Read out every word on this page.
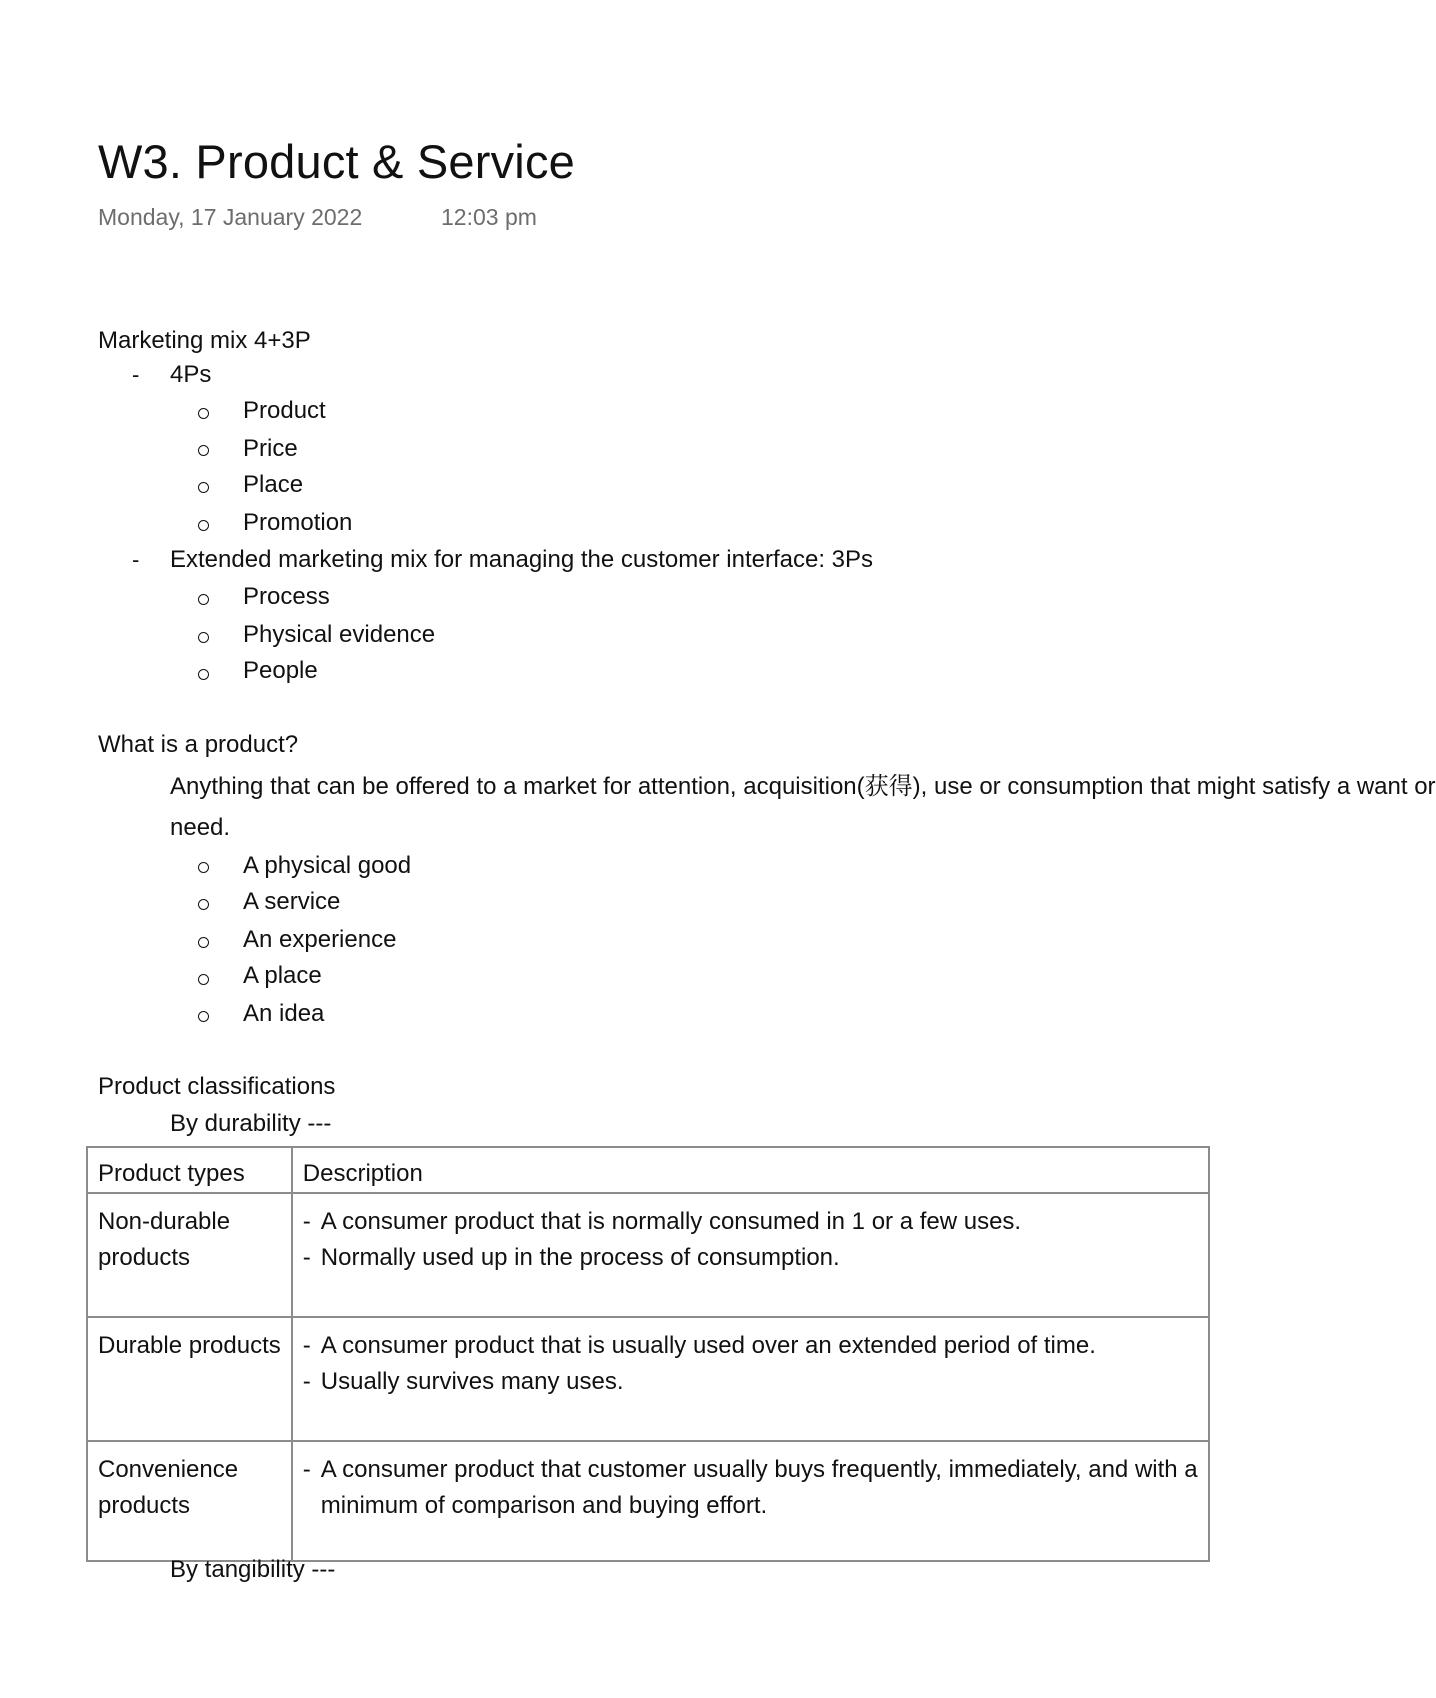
W3. Product & Service
Monday, 17 January 2022	12:03 pm
Marketing mix 4+3P
- 4Ps
Product
Price
Place
Promotion
- Extended marketing mix for managing the customer interface: 3Ps
Process
Physical evidence
People
What is a product?
Anything that can be offered to a market for attention, acquisition(获得), use or consumption that might satisfy a want or
need.
A physical good
A service
An experience
A place
An idea
Product classifications
By durability ---
Product types	Description

Non-durable
products	- A consumer product that is normally consumed in 1 or a few uses.
- Normally used up in the process of consumption.

Durable products	- A consumer product that is usually used over an extended period of time.
- Usually survives many uses.

Convenience
products	- A consumer product that customer usually buys frequently, immediately, and with a
minimum of comparison and buying effort.
By tangibility ---
